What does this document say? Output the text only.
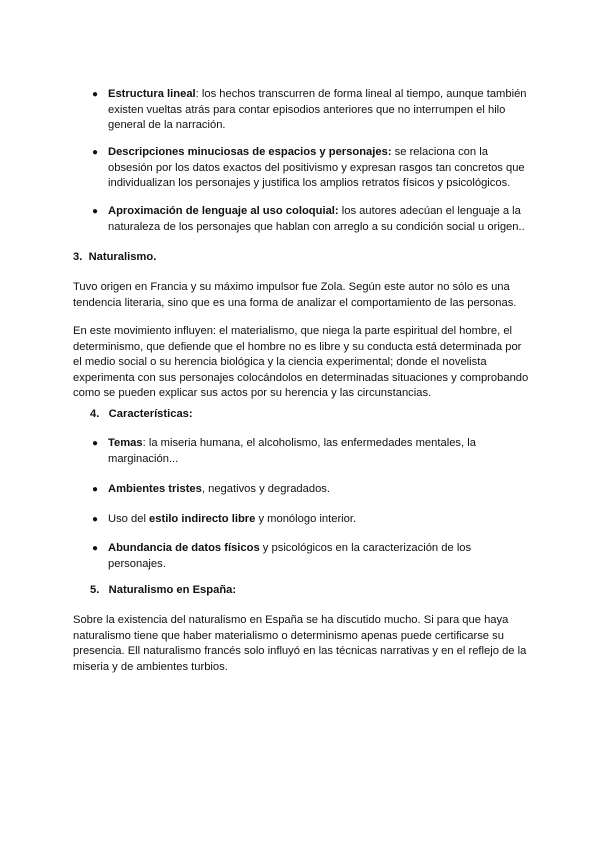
● Estructura lineal: los hechos transcurren de forma lineal al tiempo, aunque también existen vueltas atrás para contar episodios anteriores que no interrumpen el hilo general de la narración.
● Descripciones minuciosas de espacios y personajes: se relaciona con la obsesión por los datos exactos del positivismo y expresan rasgos tan concretos que individualizan los personajes y justifica los amplios retratos físicos y psicológicos.
● Aproximación de lenguaje al uso coloquial: los autores adecúan el lenguaje a la naturaleza de los personajes que hablan con arreglo a su condición social u origen..
3. Naturalismo.
Tuvo origen en Francia y su máximo impulsor fue Zola. Según este autor no sólo es una tendencia literaria, sino que es una forma de analizar el comportamiento de las personas.
En este movimiento influyen: el materialismo, que niega la parte espiritual del hombre, el determinismo, que defiende que el hombre no es libre y su conducta está determinada por el medio social o su herencia biológica y la ciencia experimental; donde el novelista experimenta con sus personajes colocándolos en determinadas situaciones y comprobando como se pueden explicar sus actos por su herencia y las circunstancias.
4. Características:
● Temas: la miseria humana, el alcoholismo, las enfermedades mentales, la marginación...
● Ambientes tristes, negativos y degradados.
● Uso del estilo indirecto libre y monólogo interior.
● Abundancia de datos físicos y psicológicos en la caracterización de los personajes.
5. Naturalismo en España:
Sobre la existencia del naturalismo en España se ha discutido mucho. Si para que haya naturalismo tiene que haber materialismo o determinismo apenas puede certificarse su presencia. Ell naturalismo francés solo influyó en las técnicas narrativas y en el reflejo de la miseria y de ambientes turbios.
